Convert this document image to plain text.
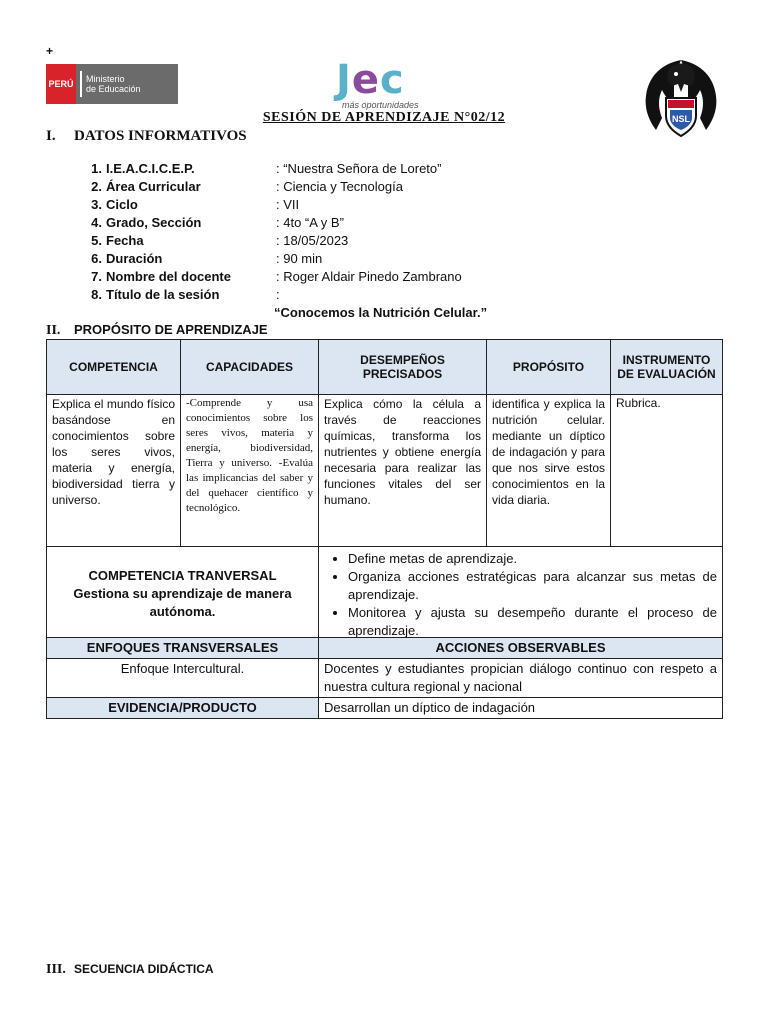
+
PERÚ Ministerio
de Educación	Jec
más oportunidades
NSL
SESIÓN DE APRENDIZAJE N°02/12
I. DATOS INFORMATIVOS
1. I.E.A.C.I.C.E.P.	: “Nuestra Señora de Loreto”
2. Área Curricular	: Ciencia y Tecnología
3. Ciclo	: VII
4. Grado, Sección	: 4to “A y B”
5. Fecha	: 18/05/2023
6. Duración	: 90 min
7. Nombre del docente	: Roger Aldair Pinedo Zambrano
8. Título de la sesión	:
“Conocemos la Nutrición Celular.”
II. PROPÓSITO DE APRENDIZAJE
COMPETENCIA	CAPACIDADES	DESEMPEÑOS PRECISADOS	PROPÓSITO	INSTRUMENTO DE EVALUACIÓN
Explica el mundo físico basándose en conocimientos sobre los seres vivos, materia y energía, biodiversidad tierra y universo.	-Comprende y usa conocimientos sobre los seres vivos, materia y energía, biodiversidad, Tierra y universo. -Evalúa las implicancias del saber y del quehacer científico y tecnológico.	Explica cómo la célula a través de reacciones químicas, transforma los nutrientes y obtiene energía necesaria para realizar las funciones vitales del ser humano.	identifica y explica la nutrición celular. mediante un díptico de indagación y para que nos sirve estos conocimientos en la vida diaria.	Rubrica.
COMPETENCIA TRANVERSAL
Gestiona su aprendizaje de manera autónoma.

• Define metas de aprendizaje.
• Organiza acciones estratégicas para alcanzar sus metas de aprendizaje.
• Monitorea y ajusta su desempeño durante el proceso de aprendizaje.
ENFOQUES TRANSVERSALES	ACCIONES OBSERVABLES
Enfoque Intercultural.	Docentes y estudiantes propician diálogo continuo con respeto a nuestra cultura regional y nacional
EVIDENCIA/PRODUCTO	Desarrollan un díptico de indagación
III. SECUENCIA DIDÁCTICA
